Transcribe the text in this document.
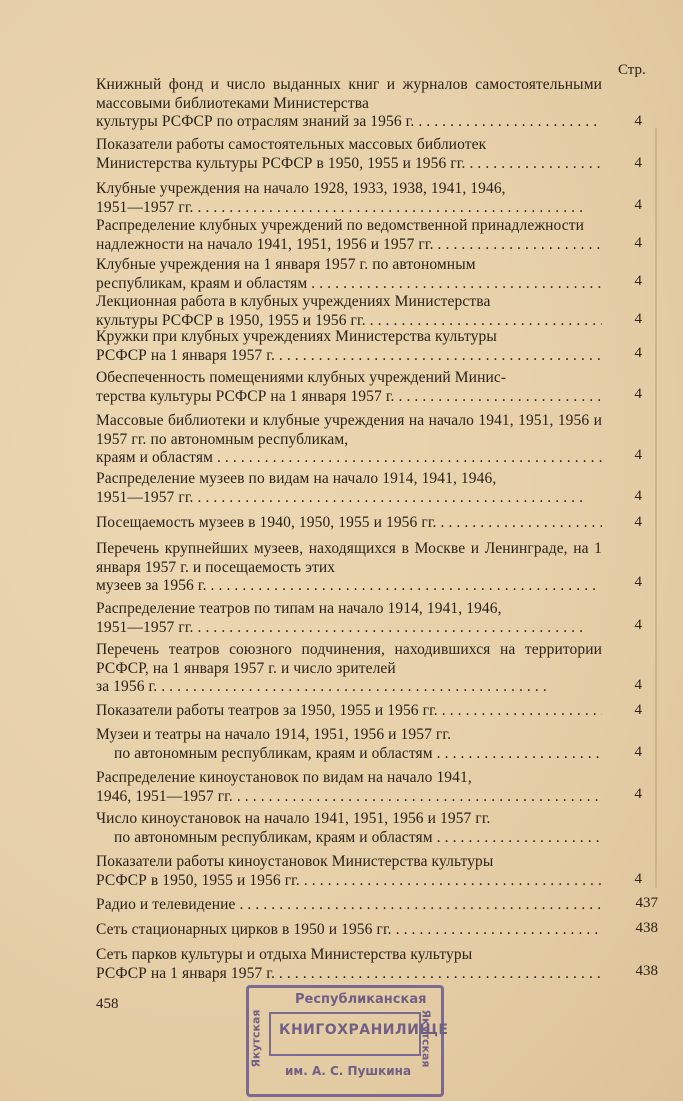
Стр.
Книжный фонд и число выданных книг и журналов самостоятельными массовыми библиотеками Министерства
культуры РСФСР по отраслям знаний за 1956 г. . . .	4
Показатели работы самостоятельных массовых библиотек
Министерства культуры РСФСР в 1950, 1955 и 1956 гг. . . .	4
Клубные учреждения на начало 1928, 1933, 1938, 1941, 1946,
1951—1957 гг. . . .	4
Распределение клубных учреждений по ведомственной принадлежности
надлежности на начало 1941, 1951, 1956 и 1957 гг. . . .	4
Клубные учреждения на 1 января 1957 г. по автономным
республикам, краям и областям . . .	4
Лекционная работа в клубных учреждениях Министерства
культуры РСФСР в 1950, 1955 и 1956 гг. . . .	4
Кружки при клубных учреждениях Министерства культуры
РСФСР на 1 января 1957 г. . . .	4
Обеспеченность помещениями клубных учреждений Минис-
терства культуры РСФСР на 1 января 1957 г. . . .	4
Массовые библиотеки и клубные учреждения на начало 1941, 1951, 1956 и 1957 гг. по автономным республикам,
краям и областям . . .	4
Распределение музеев по видам на начало 1914, 1941, 1946,
1951—1957 гг. . . .	4
Посещаемость музеев в 1940, 1950, 1955 и 1956 гг. . . .	4
Перечень крупнейших музеев, находящихся в Москве и Ленинграде, на 1 января 1957 г. и посещаемость этих
музеев за 1956 г. . . .	4
Распределение театров по типам на начало 1914, 1941, 1946,
1951—1957 гг. . . .	4
Перечень театров союзного подчинения, находившихся на территории РСФСР, на 1 января 1957 г. и число зрителей
за 1956 г. . . .	4
Показатели работы театров за 1950, 1955 и 1956 гг. . . .	4
Музеи и театры на начало 1914, 1951, 1956 и 1957 гг.
по автономным республикам, краям и областям . . .	4
Распределение киноустановок по видам на начало 1941,
1946, 1951—1957 гг. . . .	4
Число киноустановок на начало 1941, 1951, 1956 и 1957 гг.
по автономным республикам, краям и областям . . .
Показатели работы киноустановок Министерства культуры
РСФСР в 1950, 1955 и 1956 гг. . . .	4
Радио и телевидение . . .	437
Сеть стационарных цирков в 1950 и 1956 гг. . . .	438
Сеть парков культуры и отдыха Министерства культуры
РСФСР на 1 января 1957 г. . . .	438
458	Республиканская
КНИГОХРАНИЛИЩЕ
им. А. С. Пушкина
Якутская	Якутская
